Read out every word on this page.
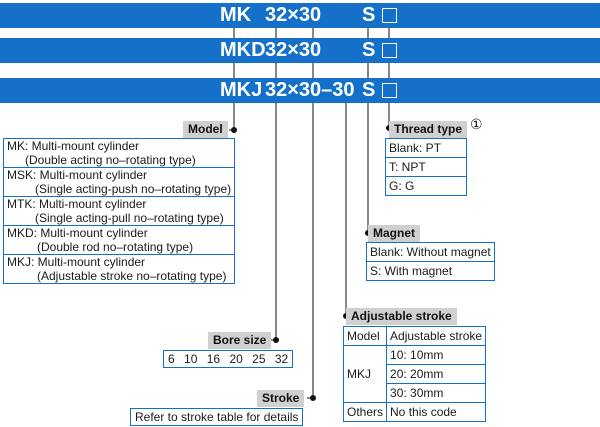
MK 32×30 S
MKD 32×30 S
MKJ 32×30–30 S
Model
MK: Multi-mount cylinder
(Double acting no–rotating type)

MSK: Multi-mount cylinder
(Single acting-push no–rotating type)

MTK: Multi-mount cylinder
(Single acting-pull no–rotating type)

MKD: Multi-mount cylinder
(Double rod no–rotating type)

MKJ: Multi-mount cylinder
(Adjustable stroke no–rotating type)
Bore size
6 10 16 20 25 32
Stroke
Refer to stroke table for details
Thread type ①
Blank: PT
T: NPT
G: G
Magnet
Blank: Without magnet
S: With magnet
Adjustable stroke
Model	Adjustable stroke
MKJ	10: 10mm
	20: 20mm
	30: 30mm
Others	No this code
